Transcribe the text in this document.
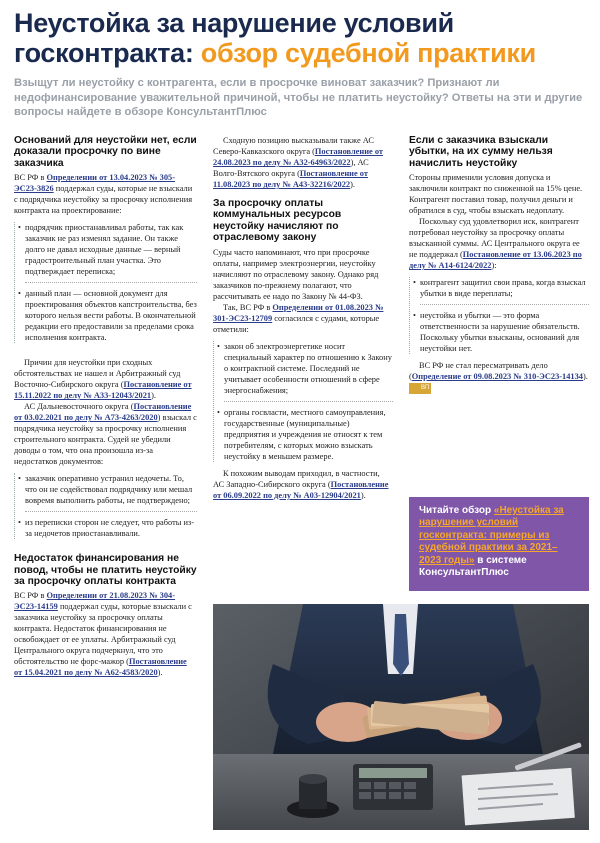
Неустойка за нарушение условий госконтракта: обзор судебной практики
Взыщут ли неустойку с контрагента, если в просрочке виноват заказчик? Признают ли недофинансирование уважительной причиной, чтобы не платить неустойку? Ответы на эти и другие вопросы найдете в обзоре КонсультантПлюс
Оснований для неустойки нет, если доказали просрочку по вине заказчика
ВС РФ в Определении от 13.04.2023 № 305-ЭС23-3826 поддержал суды, которые не взыскали с подрядчика неустойку за просрочку исполнения контракта на проектирование:
• подрядчик приостанавливал работы, так как заказчик не раз изменял задание. Он также долго не давал исходные данные — верный градостроительный план участка. Это подтверждает переписка;
• данный план — основной документ для проектирования объектов капстроительства, без которого нельзя вести работы. В окончательной редакции его предоставили за пределами срока исполнения контракта.
Причин для неустойки при сходных обстоятельствах не нашел и Арбитражный суд Восточно-Сибирского округа (Постановление от 15.11.2022 по делу № А33-12043/2021).
АС Дальневосточного округа (Постановление от 03.02.2021 по делу № А73-4263/2020) взыскал с подрядчика неустойку за просрочку исполнения строительного контракта. Судей не убедили доводы о том, что она произошла из-за недостатков документов:
• заказчик оперативно устранил недочеты. То, что он не содействовал подрядчику или мешал вовремя выполнить работы, не подтверждено;
• из переписки сторон не следует, что работы из-за недочетов приостанавливали.
Недостаток финансирования не повод, чтобы не платить неустойку за просрочку оплаты контракта
ВС РФ в Определении от 21.08.2023 № 304-ЭС23-14159 поддержал суды, которые взыскали с заказчика неустойку за просрочку оплаты контракта. Недостаток финансирования не освобождает от ее уплаты. Арбитражный суд Центрального округа подчеркнул, что это обстоятельство не форс-мажор (Постановление от 15.04.2021 по делу № А62-4583/2020).
Сходную позицию высказывали также АС Северо-Кавказского округа (Постановление от 24.08.2023 по делу № А32-64963/2022), АС Волго-Вятского округа (Постановление от 11.08.2023 по делу № А43-32216/2022).
За просрочку оплаты коммунальных ресурсов неустойку начисляют по отраслевому закону
Суды часто напоминают, что при просрочке оплаты, например электроэнергии, неустойку начисляют по отраслевому закону. Однако ряд заказчиков по-прежнему полагают, что рассчитывать ее надо по Закону № 44-ФЗ.
Так, ВС РФ в Определении от 01.08.2023 № 301-ЭС23-12709 согласился с судами, которые отметили:
• закон об электроэнергетике носит специальный характер по отношению к Закону о контрактной системе. Последний не учитывает особенности отношений в сфере энергоснабжения;
• органы госвласти, местного самоуправления, государственные (муниципальные) предприятия и учреждения не относят к тем потребителям, с которых можно взыскать неустойку в меньшем размере.
К похожим выводам приходил, в частности, АС Западно-Сибирского округа (Постановление от 06.09.2022 по делу № А03-12904/2021).
Если с заказчика взыскали убытки, на их сумму нельзя начислить неустойку
Стороны применили условия допуска и заключили контракт по сниженной на 15% цене. Контрагент поставил товар, получил деньги и обратился в суд, чтобы взыскать недоплату.
Поскольку суд удовлетворил иск, контрагент потребовал неустойку за просрочку оплаты взысканной суммы. АС Центрального округа ее не поддержал (Постановление от 13.06.2023 по делу № А14-6124/2022):
• контрагент защитил свои права, когда взыскал убытки в виде переплаты;
• неустойка и убытки — это форма ответственности за нарушение обязательств. Поскольку убытки взысканы, оснований для неустойки нет.
ВС РФ не стал пересматривать дело (Определение от 09.08.2023 № 310-ЭС23-14134). ВП
Читайте обзор «Неустойка за нарушение условий госконтракта: примеры из судебной практики за 2021–2023 годы» в системе КонсультантПлюс
